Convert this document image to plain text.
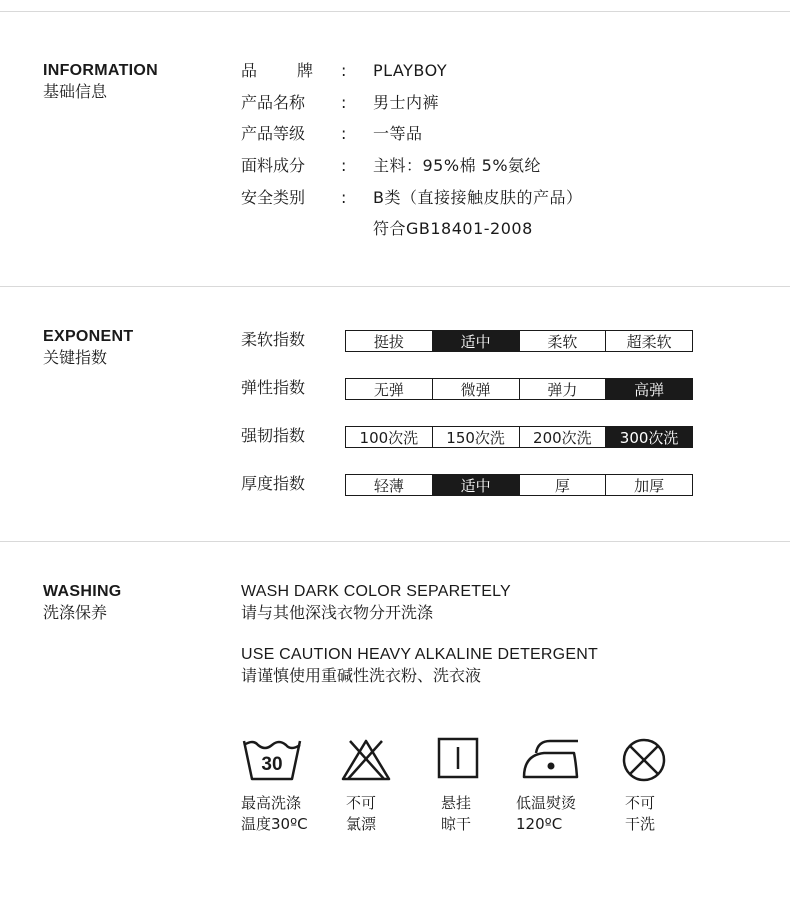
INFORMATION
基础信息
品 牌 : PLAYBOY
产品名称	: 男士内裤
产品等级	: 一等品
面料成分	: 主料：95%棉 5%氨纶
安全类别	: B类（直接接触皮肤的产品）
符合GB18401-2008
EXPONENT
关键指数
柔软指数	挺拔	适中	柔软	超柔软
弹性指数	无弹	微弹	弹力	高弹
强韧指数	100次洗	150次洗	200次洗	300次洗
厚度指数	轻薄	适中	厚	加厚
WASHING
洗涤保养
WASH DARK COLOR SEPARETELY
请与其他深浅衣物分开洗涤
USE CAUTION HEAVY ALKALINE DETERGENT
请谨慎使用重碱性洗衣粉、洗衣液
30
最高洗涤
温度30ºC
不可
氯漂
悬挂
晾干
低温熨烫
120ºC
不可
干洗
